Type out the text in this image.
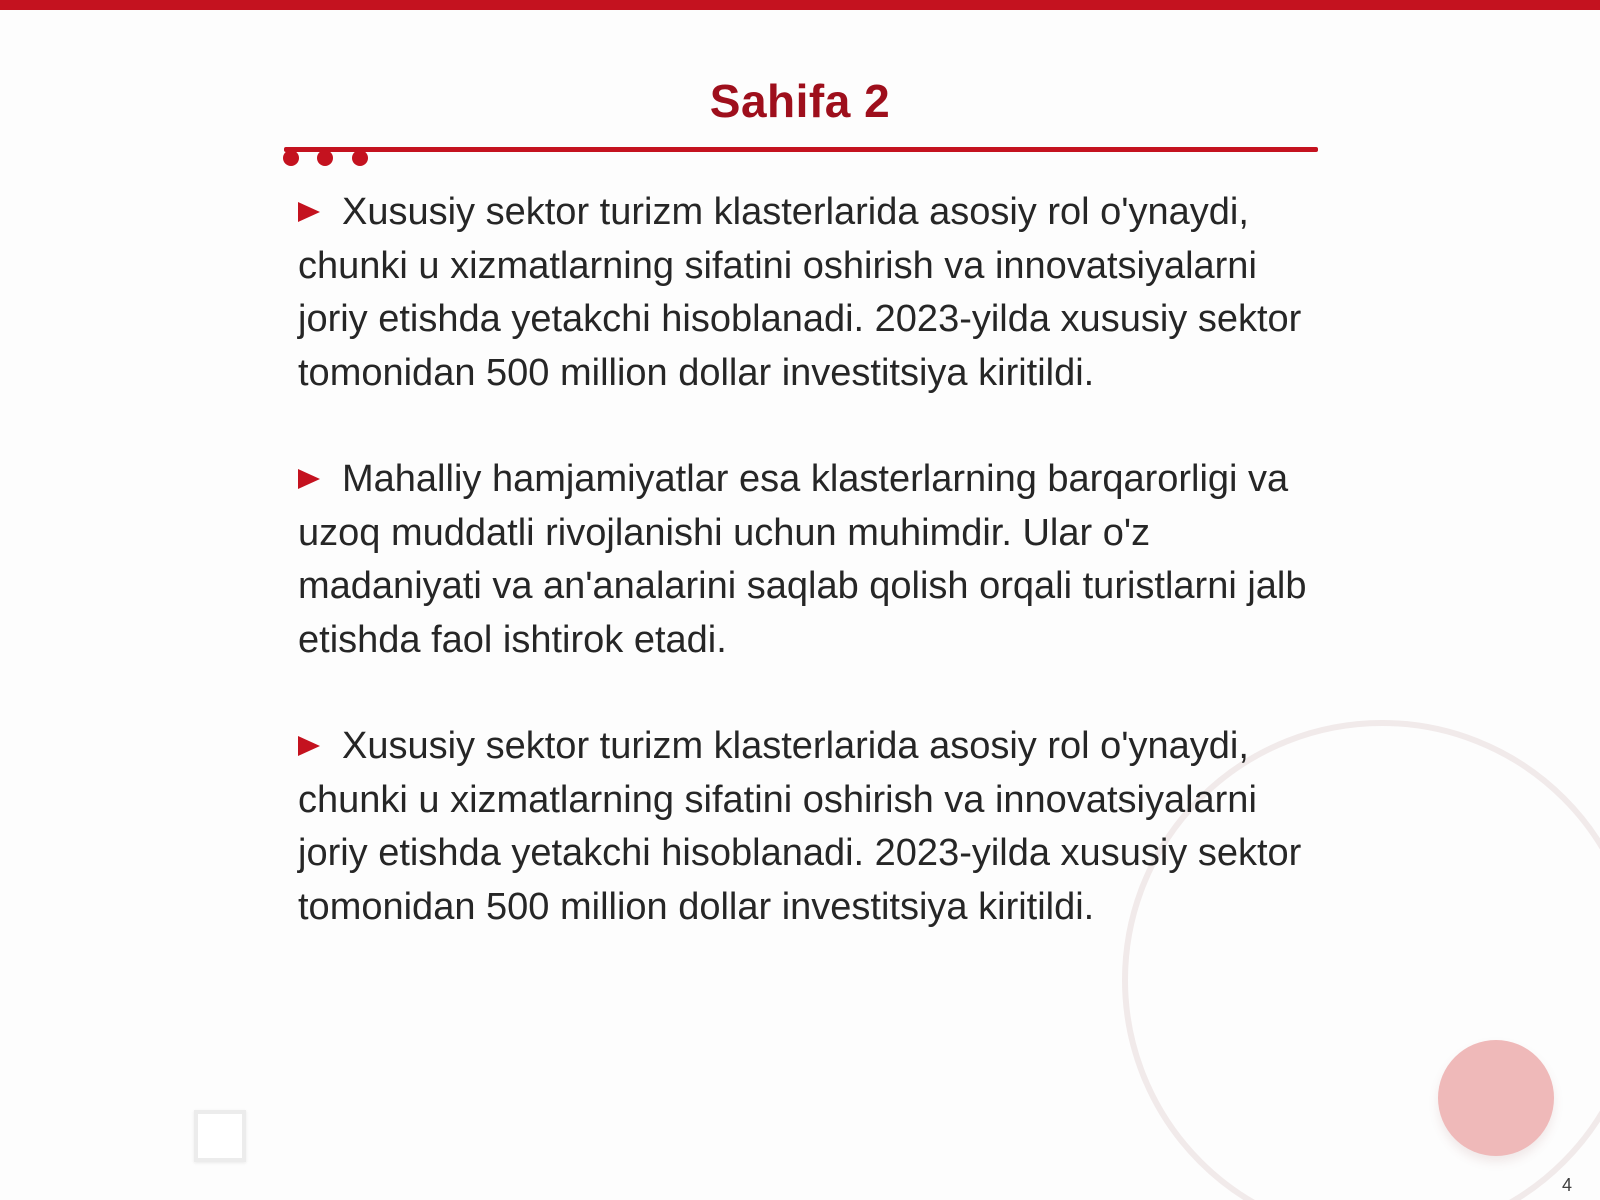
Sahifa 2

Xususiy sektor turizm klasterlarida asosiy rol o'ynaydi, chunki u xizmatlarning sifatini oshirish va innovatsiyalarni joriy etishda yetakchi hisoblanadi. 2023-yilda xususiy sektor tomonidan 500 million dollar investitsiya kiritildi.

Mahalliy hamjamiyatlar esa klasterlarning barqarorligi va uzoq muddatli rivojlanishi uchun muhimdir. Ular o'z madaniyati va an'analarini saqlab qolish orqali turistlarni jalb etishda faol ishtirok etadi.

Xususiy sektor turizm klasterlarida asosiy rol o'ynaydi, chunki u xizmatlarning sifatini oshirish va innovatsiyalarni joriy etishda yetakchi hisoblanadi. 2023-yilda xususiy sektor tomonidan 500 million dollar investitsiya kiritildi.

4
